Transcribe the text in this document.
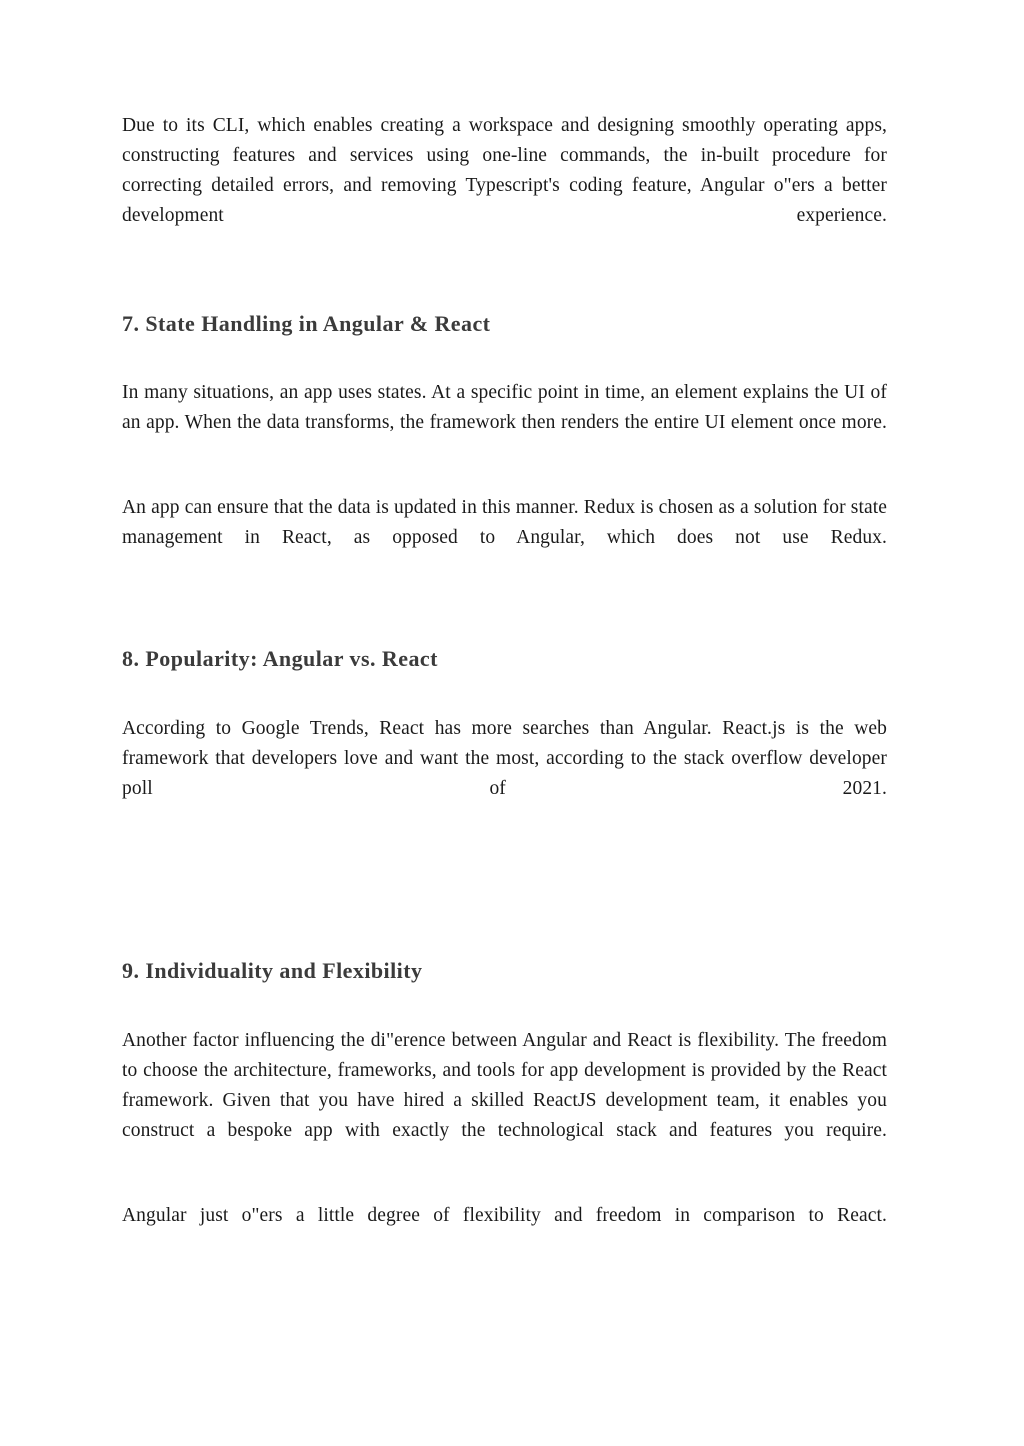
Due to its CLI, which enables creating a workspace and designing smoothly operating apps, constructing features and services using one-line commands, the in-built procedure for correcting detailed errors, and removing Typescript's coding feature, Angular o"ers a better development experience.

7. State Handling in Angular & React

In many situations, an app uses states. At a specific point in time, an element explains the UI of an app. When the data transforms, the framework then renders the entire UI element once more.

An app can ensure that the data is updated in this manner. Redux is chosen as a solution for state management in React, as opposed to Angular, which does not use Redux.

8. Popularity: Angular vs. React

According to Google Trends, React has more searches than Angular. React.js is the web framework that developers love and want the most, according to the stack overflow developer poll of 2021.

9. Individuality and Flexibility

Another factor influencing the di"erence between Angular and React is flexibility. The freedom to choose the architecture, frameworks, and tools for app development is provided by the React framework. Given that you have hired a skilled ReactJS development team, it enables you construct a bespoke app with exactly the technological stack and features you require.

Angular just o"ers a little degree of flexibility and freedom in comparison to React.
